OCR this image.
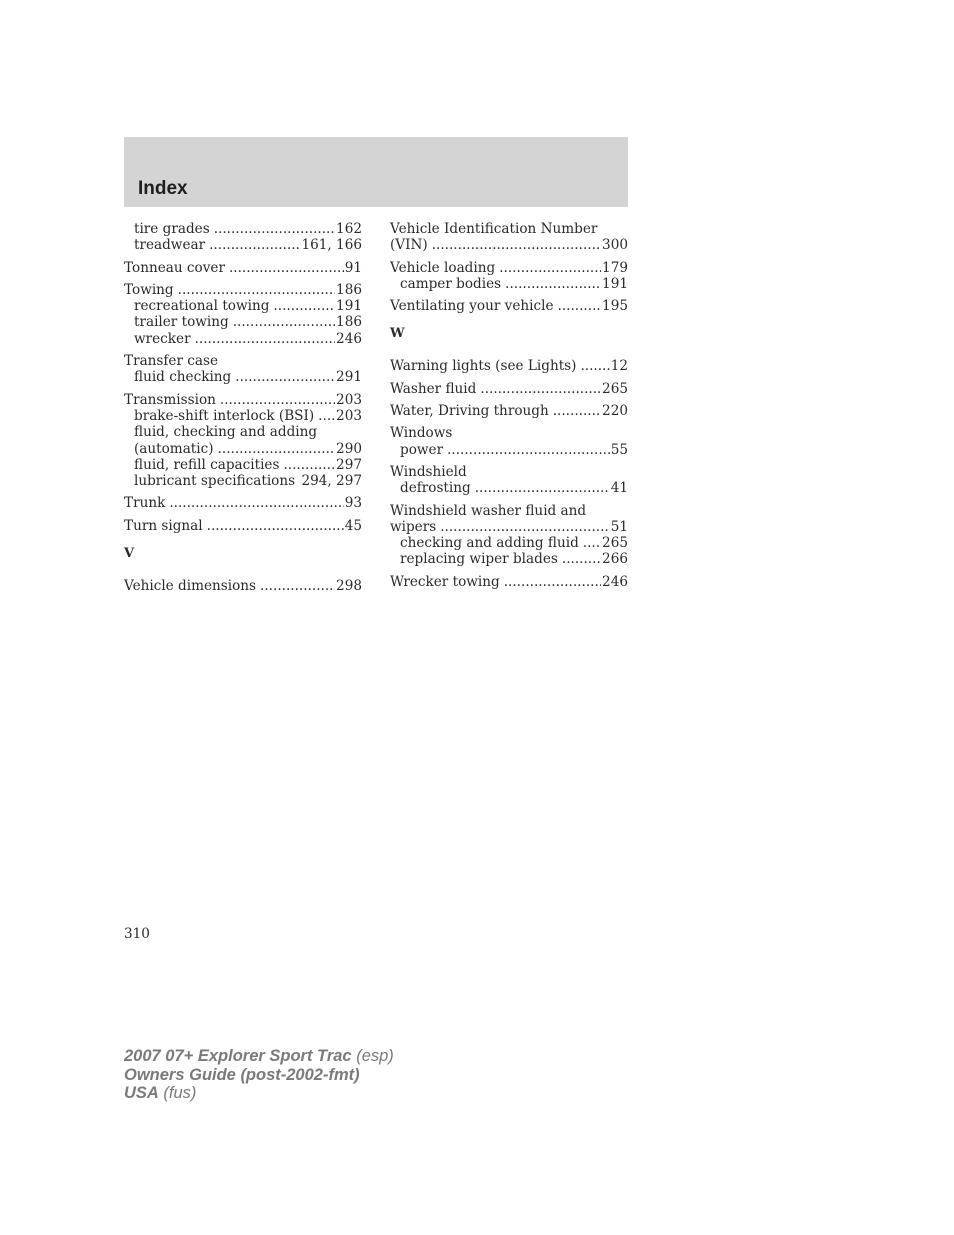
Index
tire grades .....	162
treadwear .....	161, 166
Tonneau cover .....	91
Towing .....	186
recreational towing .....	191
trailer towing .....	186
wrecker .....	246
Transfer case
fluid checking .....	291
Transmission .....	203
brake-shift interlock (BSI) ..... 203
fluid, checking and adding
(automatic) .....	290
fluid, refill capacities .....	297
lubricant specifications ..... 294, 297
Trunk .....	93
Turn signal .....	45
V
Vehicle dimensions .....	298
Vehicle Identification Number
(VIN) .....	300
Vehicle loading .....	179
camper bodies .....	191
Ventilating your vehicle .....	195
W
Warning lights (see Lights) .....	12
Washer fluid .....	265
Water, Driving through .....	220
Windows
power .....	55
Windshield
defrosting .....	41
Windshield washer fluid and
wipers .....	51
checking and adding fluid ..... 265
replacing wiper blades .....	266
Wrecker towing .....	246
310
2007 07+ Explorer Sport Trac (esp)
Owners Guide (post-2002-fmt)
USA (fus)
